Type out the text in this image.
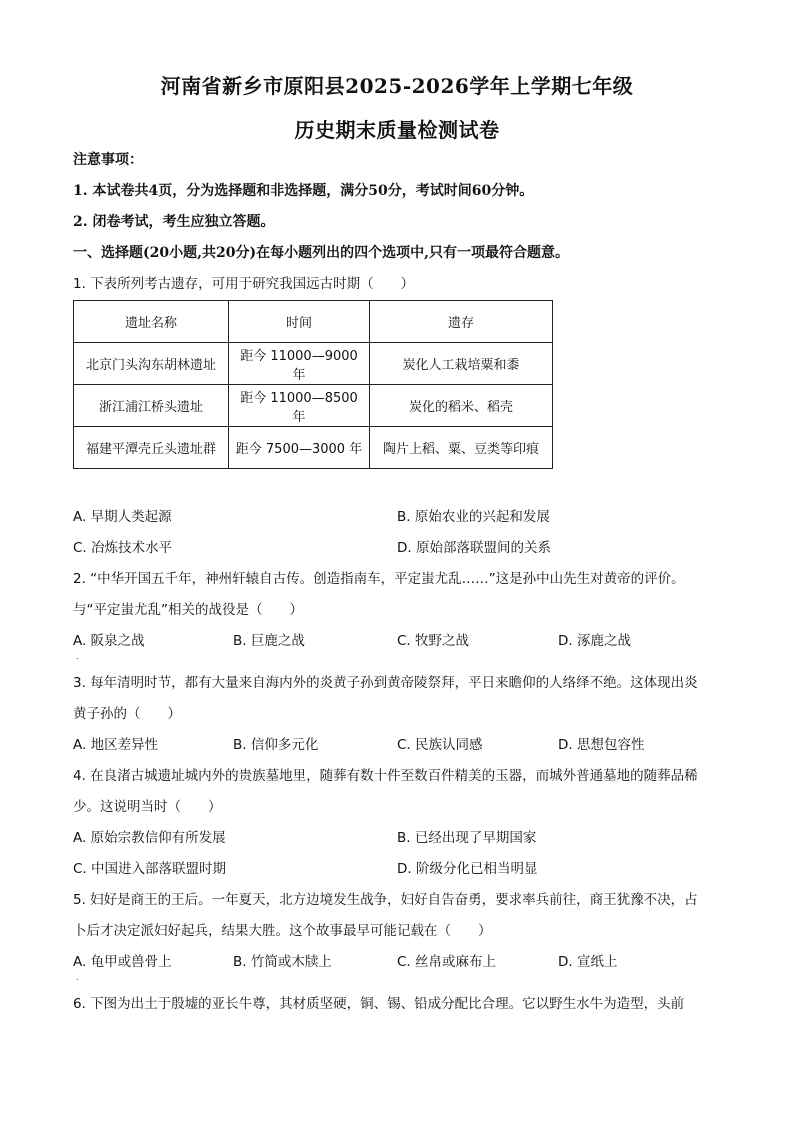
河南省新乡市原阳县2025-2026学年上学期七年级
历史期末质量检测试卷
注意事项：
1. 本试卷共4页，分为选择题和非选择题，满分50分，考试时间60分钟。
2. 闭卷考试，考生应独立答题。
一、选择题(20小题,共20分)在每小题列出的四个选项中,只有一项最符合题意。
1. 下表所列考古遗存，可用于研究我国远古时期（　　）
遗址名称	时间	遗存
北京门头沟东胡林遗址	距今 11000—9000 年	炭化人工栽培粟和黍
浙江浦江桥头遗址	距今 11000—8500 年	炭化的稻米、稻壳
福建平潭壳丘头遗址群	距今 7500—3000 年	陶片上稻、粟、豆类等印痕
A. 早期人类起源	B. 原始农业的兴起和发展
C. 冶炼技术水平	D. 原始部落联盟间的关系
2. “中华开国五千年，神州轩辕自古传。创造指南车，平定蚩尤乱……”这是孙中山先生对黄帝的评价。
与“平定蚩尤乱”相关的战役是（　　）
A. 阪泉之战	B. 巨鹿之战	C. 牧野之战	D. 涿鹿之战
.
3. 每年清明时节，都有大量来自海内外的炎黄子孙到黄帝陵祭拜，平日来瞻仰的人络绎不绝。这体现出炎
黄子孙的（　　）
A. 地区差异性	B. 信仰多元化	C. 民族认同感	D. 思想包容性
4. 在良渚古城遗址城内外的贵族墓地里，随葬有数十件至数百件精美的玉器，而城外普通墓地的随葬品稀
少。这说明当时（　　）
A. 原始宗教信仰有所发展	B. 已经出现了早期国家
C. 中国进入部落联盟时期	D. 阶级分化已相当明显
5. 妇好是商王的王后。一年夏天，北方边境发生战争，妇好自告奋勇，要求率兵前往，商王犹豫不决，占
卜后才决定派妇好起兵，结果大胜。这个故事最早可能记载在（　　）
A. 龟甲或兽骨上	B. 竹简或木牍上	C. 丝帛或麻布上	D. 宣纸上
.
6. 下图为出土于殷墟的亚长牛尊，其材质坚硬，铜、锡、铅成分配比合理。它以野生水牛为造型，头前
